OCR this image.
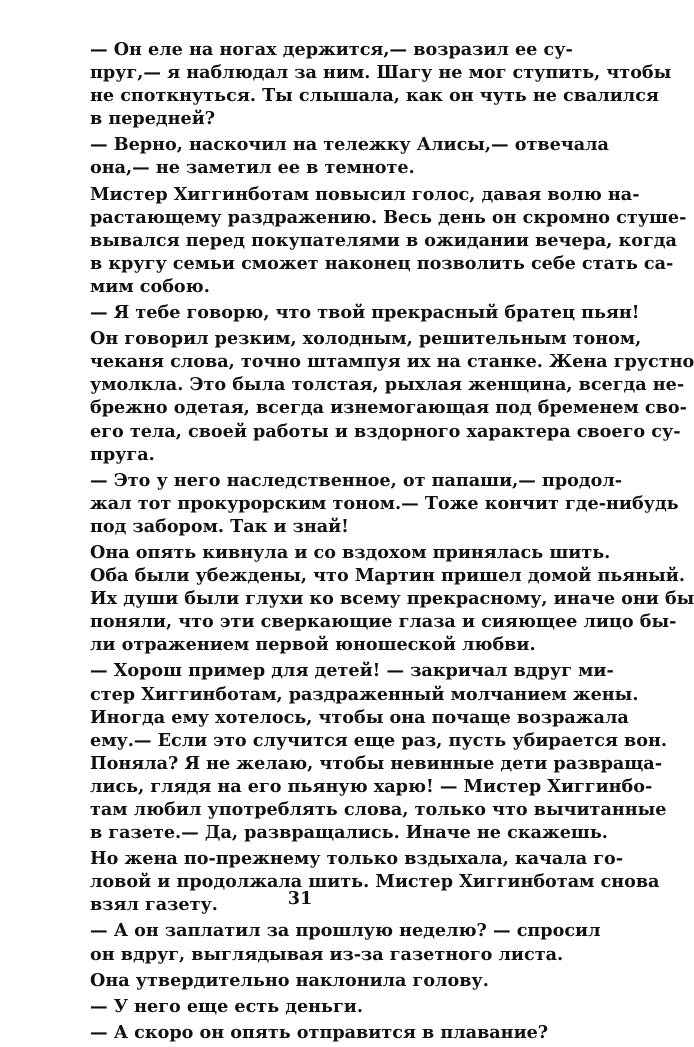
— Он еле на ногах держится,— возразил ее су-
пруг,— я наблюдал за ним. Шагу не мог ступить, чтобы
не споткнуться. Ты слышала, как он чуть не свалился
в передней?
— Верно, наскочил на тележку Алисы,— отвечала
она,— не заметил ее в темноте.
Мистер Хиггинботам повысил голос, давая волю на-
растающему раздражению. Весь день он скромно стуше-
вывался перед покупателями в ожидании вечера, когда
в кругу семьи сможет наконец позволить себе стать са-
мим собою.
— Я тебе говорю, что твой прекрасный братец пьян!
Он говорил резким, холодным, решительным тоном,
чеканя слова, точно штампуя их на станке. Жена грустно
умолкла. Это была толстая, рыхлая женщина, всегда не-
брежно одетая, всегда изнемогающая под бременем сво-
его тела, своей работы и вздорного характера своего су-
пруга.
— Это у него наследственное, от папаши,— продол-
жал тот прокурорским тоном.— Тоже кончит где-нибудь
под забором. Так и знай!
Она опять кивнула и со вздохом принялась шить.
Оба были убеждены, что Мартин пришел домой пьяный.
Их души были глухи ко всему прекрасному, иначе они бы
поняли, что эти сверкающие глаза и сияющее лицо бы-
ли отражением первой юношеской любви.
— Хорош пример для детей! — закричал вдруг ми-
стер Хиггинботам, раздраженный молчанием жены.
Иногда ему хотелось, чтобы она почаще возражала
ему.— Если это случится еще раз, пусть убирается вон.
Поняла? Я не желаю, чтобы невинные дети развраща-
лись, глядя на его пьяную харю! — Мистер Хиггинбо-
там любил употреблять слова, только что вычитанные
в газете.— Да, развращались. Иначе не скажешь.
Но жена по-прежнему только вздыхала, качала го-
ловой и продолжала шить. Мистер Хиггинботам снова
взял газету.
— А он заплатил за прошлую неделю? — спросил
он вдруг, выглядывая из-за газетного листа.
Она утвердительно наклонила голову.
— У него еще есть деньги.
— А скоро он опять отправится в плавание?
31
